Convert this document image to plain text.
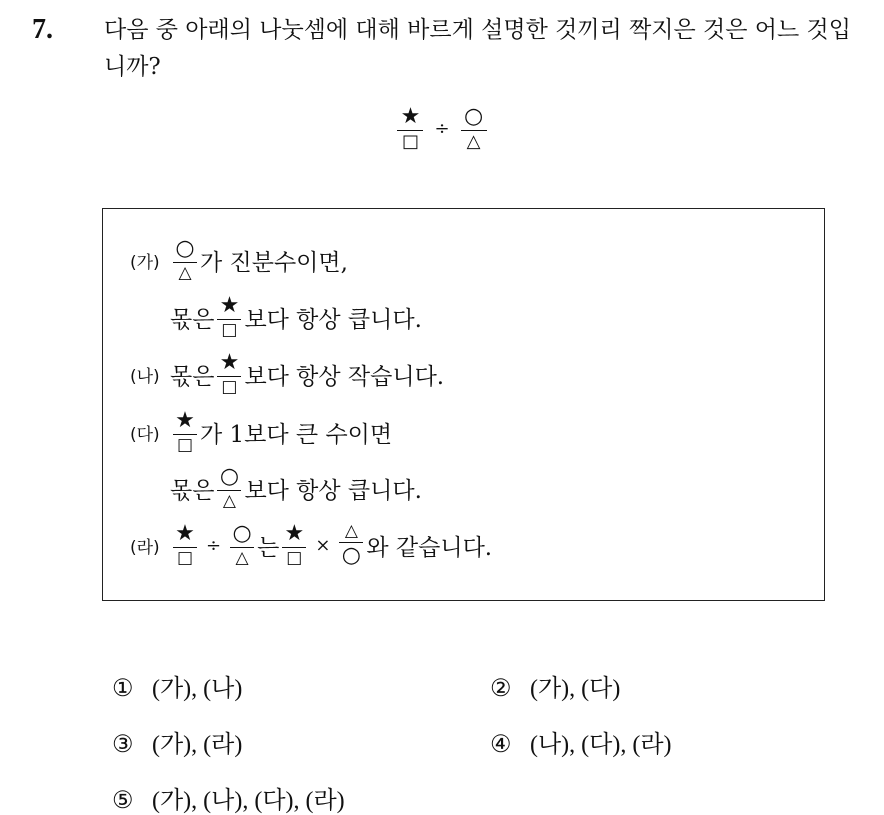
7. 다음 중 아래의 나눗셈에 대해 바르게 설명한 것끼리 짝지은 것은 어느 것입니까?
$\frac{★}{□} \div \frac{○}{\triangle}$
(가) $\frac{○}{\triangle}$ 가 진분수이면,
몫은 $\frac{★}{□}$ 보다 항상 큽니다.
(나) 몫은 $\frac{★}{□}$ 보다 항상 작습니다.
(다) $\frac{★}{□}$ 가 1보다 큰 수이면
몫은 $\frac{○}{\triangle}$ 보다 항상 큽니다.
(라) $\frac{★}{□} \div \frac{○}{\triangle}$ 는 $\frac{★}{□} \times \frac{\triangle}{○}$ 와 같습니다.
① (가), (나)	② (가), (다)
③ (가), (라)	④ (나), (다), (라)
⑤ (가), (나), (다), (라)
